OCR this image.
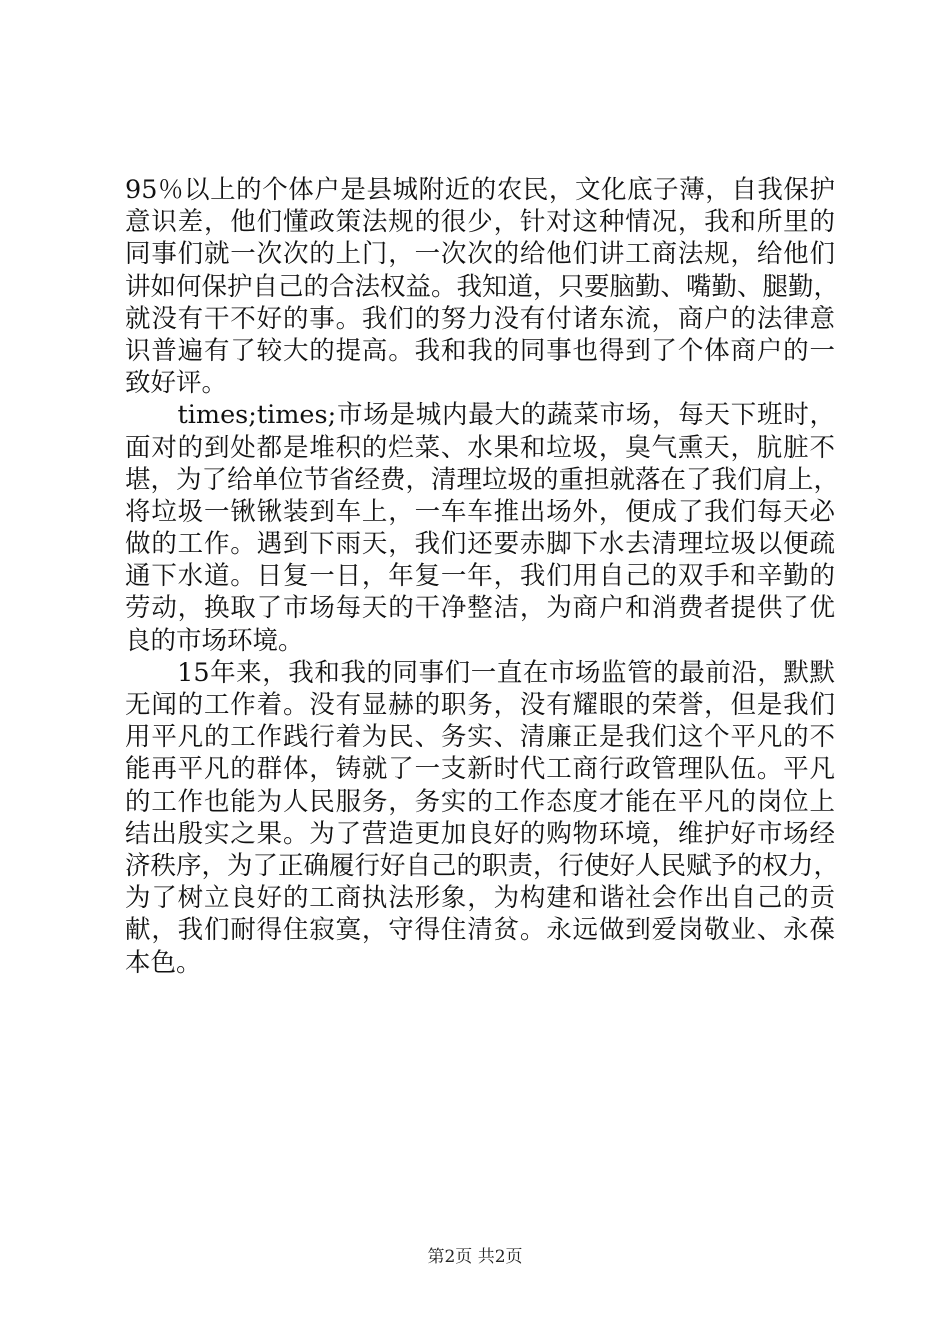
95％以上的个体户是县城附近的农民，文化底子薄，自我保护
意识差，他们懂政策法规的很少，针对这种情况，我和所里的
同事们就一次次的上门，一次次的给他们讲工商法规，给他们
讲如何保护自己的合法权益。我知道，只要脑勤、嘴勤、腿勤，
就没有干不好的事。我们的努力没有付诸东流，商户的法律意
识普遍有了较大的提高。我和我的同事也得到了个体商户的一
致好评。
　　times;times;市场是城内最大的蔬菜市场，每天下班时，
面对的到处都是堆积的烂菜、水果和垃圾，臭气熏天，肮脏不
堪，为了给单位节省经费，清理垃圾的重担就落在了我们肩上，
将垃圾一锹锹装到车上，一车车推出场外，便成了我们每天必
做的工作。遇到下雨天，我们还要赤脚下水去清理垃圾以便疏
通下水道。日复一日，年复一年，我们用自己的双手和辛勤的
劳动，换取了市场每天的干净整洁，为商户和消费者提供了优
良的市场环境。
　　15年来，我和我的同事们一直在市场监管的最前沿，默默
无闻的工作着。没有显赫的职务，没有耀眼的荣誉，但是我们
用平凡的工作践行着为民、务实、清廉正是我们这个平凡的不
能再平凡的群体，铸就了一支新时代工商行政管理队伍。平凡
的工作也能为人民服务，务实的工作态度才能在平凡的岗位上
结出殷实之果。为了营造更加良好的购物环境，维护好市场经
济秩序，为了正确履行好自己的职责，行使好人民赋予的权力，
为了树立良好的工商执法形象，为构建和谐社会作出自己的贡
献，我们耐得住寂寞，守得住清贫。永远做到爱岗敬业、永葆
本色。
第2页 共2页
